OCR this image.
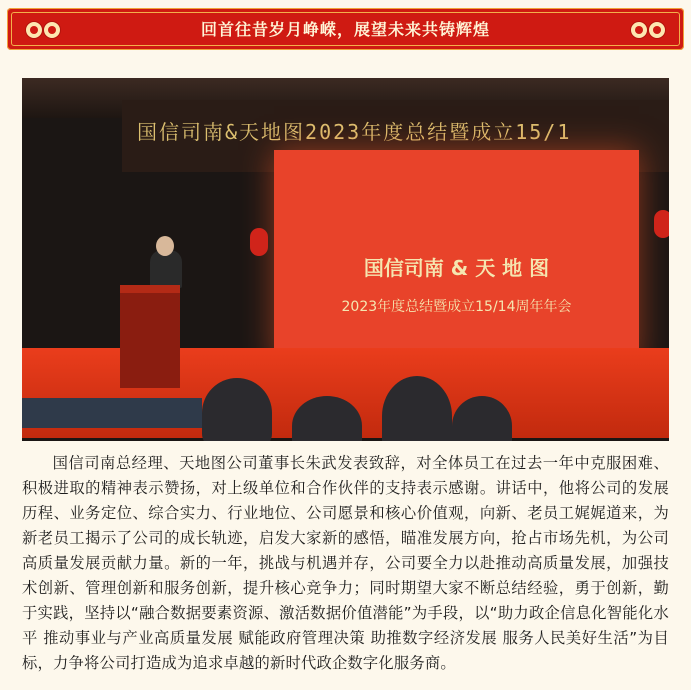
回首往昔岁月峥嵘，展望未来共铸辉煌
国信司南&天地图2023年度总结暨成立15/1
国信司南 & 天 地 图
2023年度总结暨成立15/14周年年会
国信司南总经理、天地图公司董事长朱武发表致辞，对全体员工在过去一年中克服困难、积极进取的精神表示赞扬，对上级单位和合作伙伴的支持表示感谢。讲话中，他将公司的发展历程、业务定位、综合实力、行业地位、公司愿景和核心价值观，向新、老员工娓娓道来，为新老员工揭示了公司的成长轨迹，启发大家新的感悟，瞄准发展方向，抢占市场先机，为公司高质量发展贡献力量。新的一年，挑战与机遇并存，公司要全力以赴推动高质量发展，加强技术创新、管理创新和服务创新，提升核心竞争力；同时期望大家不断总结经验，勇于创新，勤于实践，坚持以“融合数据要素资源、激活数据价值潜能”为手段，以“助力政企信息化智能化水平 推动事业与产业高质量发展 赋能政府管理决策 助推数字经济发展 服务人民美好生活”为目标，力争将公司打造成为追求卓越的新时代政企数字化服务商。
